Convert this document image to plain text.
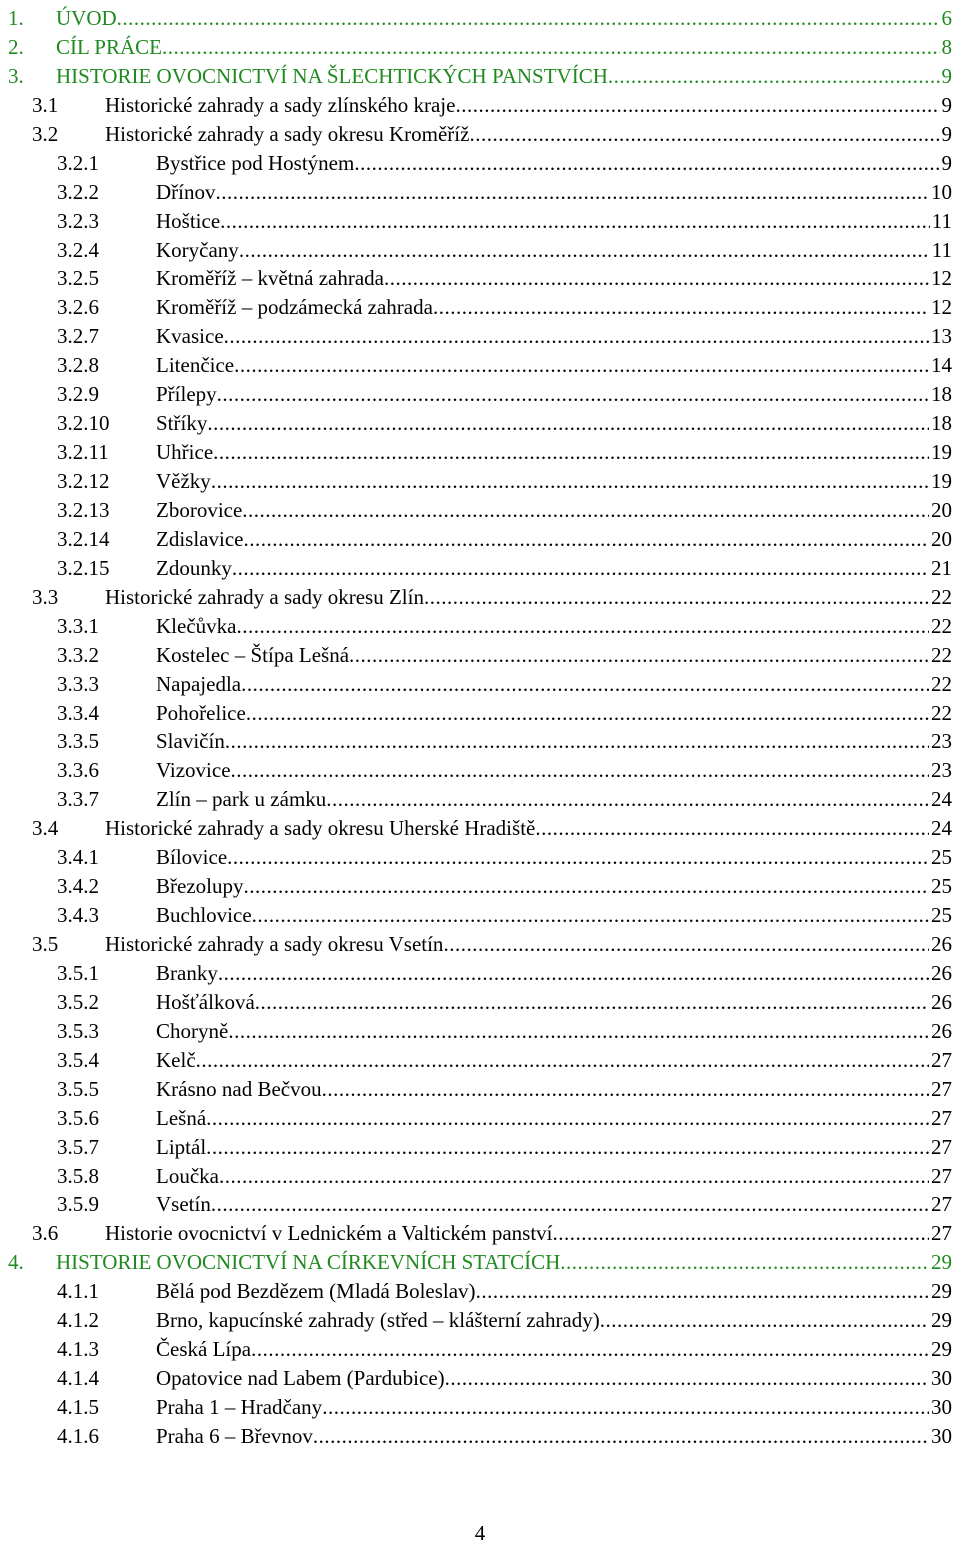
1. ÚVOD .....	6
2. CÍL PRÁCE .....	8
3. HISTORIE OVOCNICTVÍ NA ŠLECHTICKÝCH PANSTVÍCH .....	9
3.1 Historické zahrady a sady zlínského kraje .....	9
3.2 Historické zahrady a sady okresu Kroměříž .....	9
3.2.1	Bystřice pod Hostýnem .....	9
3.2.2	Dřínov .....	10
3.2.3	Hoštice .....	11
3.2.4	Koryčany .....	11
3.2.5	Kroměříž – květná zahrada .....	12
3.2.6	Kroměříž – podzámecká zahrada .....	12
3.2.7	Kvasice .....	13
3.2.8	Litenčice .....	14
3.2.9	Přílepy .....	18
3.2.10 Stříky .....	18
3.2.11 Uhřice .....	19
3.2.12 Věžky .....	19
3.2.13 Zborovice .....	20
3.2.14 Zdislavice .....	20
3.2.15 Zdounky .....	21
3.3 Historické zahrady a sady okresu Zlín .....	22
3.3.1	Klečůvka .....	22
3.3.2	Kostelec – Štípa Lešná .....	22
3.3.3	Napajedla .....	22
3.3.4	Pohořelice .....	22
3.3.5	Slavičín .....	23
3.3.6	Vizovice .....	23
3.3.7	Zlín – park u zámku .....	24
3.4 Historické zahrady a sady okresu Uherské Hradiště .....	24
3.4.1	Bílovice .....	25
3.4.2	Březolupy .....	25
3.4.3	Buchlovice .....	25
3.5 Historické zahrady a sady okresu Vsetín .....	26
3.5.1	Branky .....	26
3.5.2	Hošťálková .....	26
3.5.3	Choryně .....	26
3.5.4	Kelč .....	27
3.5.5	Krásno nad Bečvou .....	27
3.5.6	Lešná .....	27
3.5.7	Liptál .....	27
3.5.8	Loučka .....	27
3.5.9	Vsetín .....	27
3.6 Historie ovocnictví v Lednickém a Valtickém panství .....	27
4. HISTORIE OVOCNICTVÍ NA CÍRKEVNÍCH STATCÍCH .....	29
4.1.1	Bělá pod Bezdězem (Mladá Boleslav) .....	29
4.1.2	Brno, kapucínské zahrady (střed – klášterní zahrady) .....	29
4.1.3	Česká Lípa .....	29
4.1.4	Opatovice nad Labem (Pardubice) .....	30
4.1.5	Praha 1 – Hradčany .....	30
4.1.6	Praha 6 – Břevnov .....	30
4
